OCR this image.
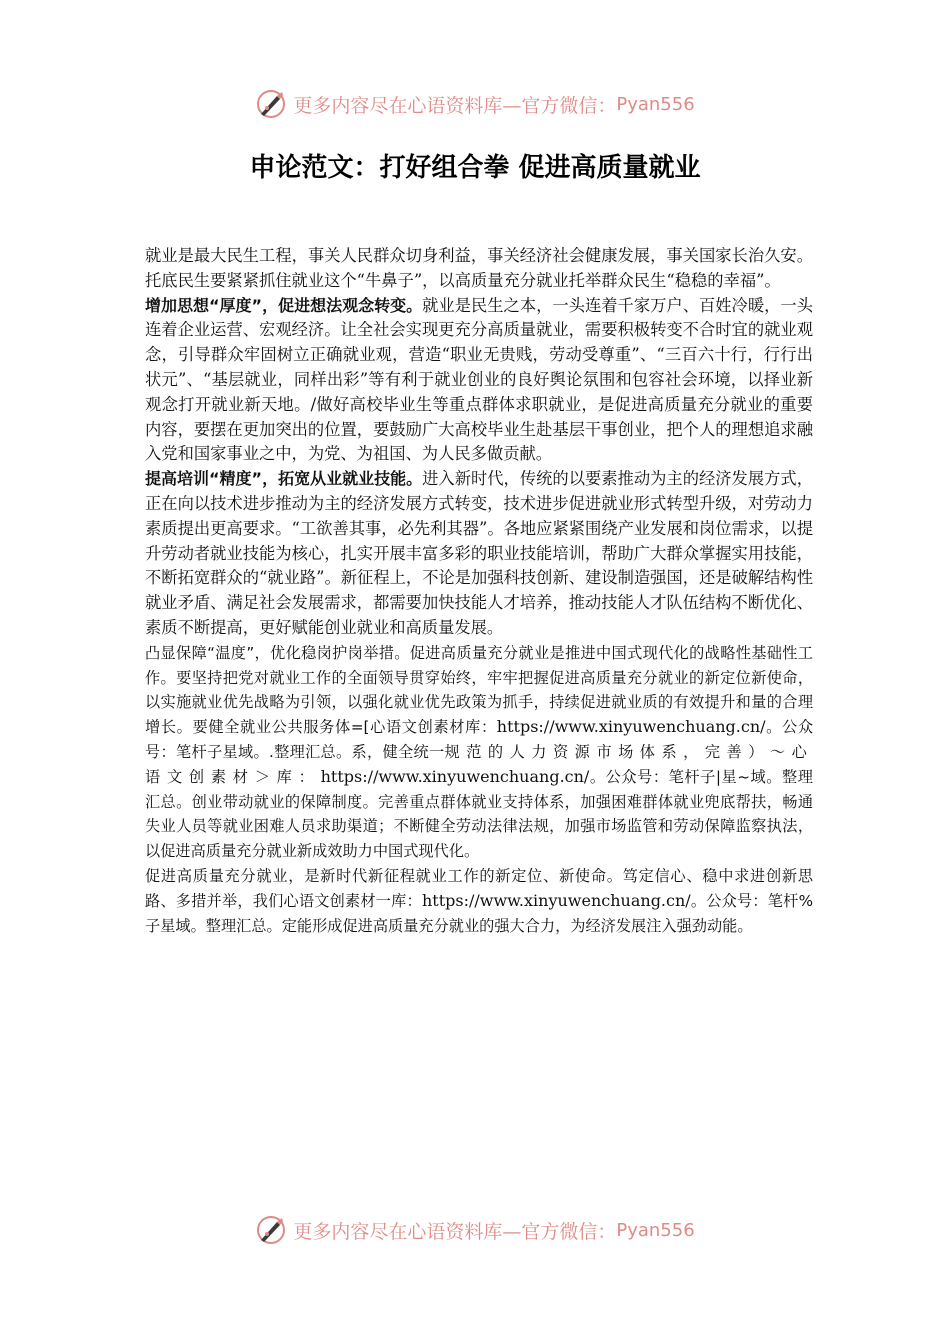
更多内容尽在心语资料库—官方微信： Pyan556
申论范文：打好组合拳 促进高质量就业

就业是最大民生工程，事关人民群众切身利益，事关经济社会健康发展，事关国家长治久安。托底民生要紧紧抓住就业这个“牛鼻子”，以高质量充分就业托举群众民生“稳稳的幸福”。

增加思想“厚度”，促进想法观念转变。就业是民生之本，一头连着千家万户、百姓冷暖，一头连着企业运营、宏观经济。让全社会实现更充分高质量就业，需要积极转变不合时宜的就业观念，引导群众牢固树立正确就业观，营造“职业无贵贱，劳动受尊重”、“三百六十行，行行出状元”、“基层就业，同样出彩”等有利于就业创业的良好舆论氛围和包容社会环境，以择业新观念打开就业新天地。/做好高校毕业生等重点群体求职就业，是促进高质量充分就业的重要内容，要摆在更加突出的位置，要鼓励广大高校毕业生赴基层干事创业，把个人的理想追求融入党和国家事业之中，为党、为祖国、为人民多做贡献。

提高培训“精度”，拓宽从业就业技能。进入新时代，传统的以要素推动为主的经济发展方式，正在向以技术进步推动为主的经济发展方式转变，技术进步促进就业形式转型升级，对劳动力素质提出更高要求。“工欲善其事，必先利其器”。各地应紧紧围绕产业发展和岗位需求，以提升劳动者就业技能为核心，扎实开展丰富多彩的职业技能培训，帮助广大群众掌握实用技能，不断拓宽群众的“就业路”。新征程上，不论是加强科技创新、建设制造强国，还是破解结构性就业矛盾、满足社会发展需求，都需要加快技能人才培养，推动技能人才队伍结构不断优化、素质不断提高，更好赋能创业就业和高质量发展。

凸显保障“温度”，优化稳岗护岗举措。促进高质量充分就业是推进中国式现代化的战略性基础性工作。要坚持把党对就业工作的全面领导贯穿始终，牢牢把握促进高质量充分就业的新定位新使命，以实施就业优先战略为引领，以强化就业优先政策为抓手，持续促进就业质的有效提升和量的合理增长。要健全就业公共服务体=[心语文创素材库：https://www.xinyuwenchuang.cn/。公众号：笔杆子星域。.整理汇总。系，健全统一规范的人力资源市场体系，完善）～心语文创素材＞库：https://www.xinyuwenchuang.cn/。公众号：笔杆子|星~域。整理汇总。创业带动就业的保障制度。完善重点群体就业支持体系，加强困难群体就业兜底帮扶，畅通失业人员等就业困难人员求助渠道；不断健全劳动法律法规，加强市场监管和劳动保障监察执法，以促进高质量充分就业新成效助力中国式现代化。

促进高质量充分就业，是新时代新征程就业工作的新定位、新使命。笃定信心、稳中求进创新思路、多措并举，我们心语文创素材一库：https://www.xinyuwenchuang.cn/。公众号：笔杆%子星域。整理汇总。定能形成促进高质量充分就业的强大合力，为经济发展注入强劲动能。

更多内容尽在心语资料库—官方微信： Pyan556
